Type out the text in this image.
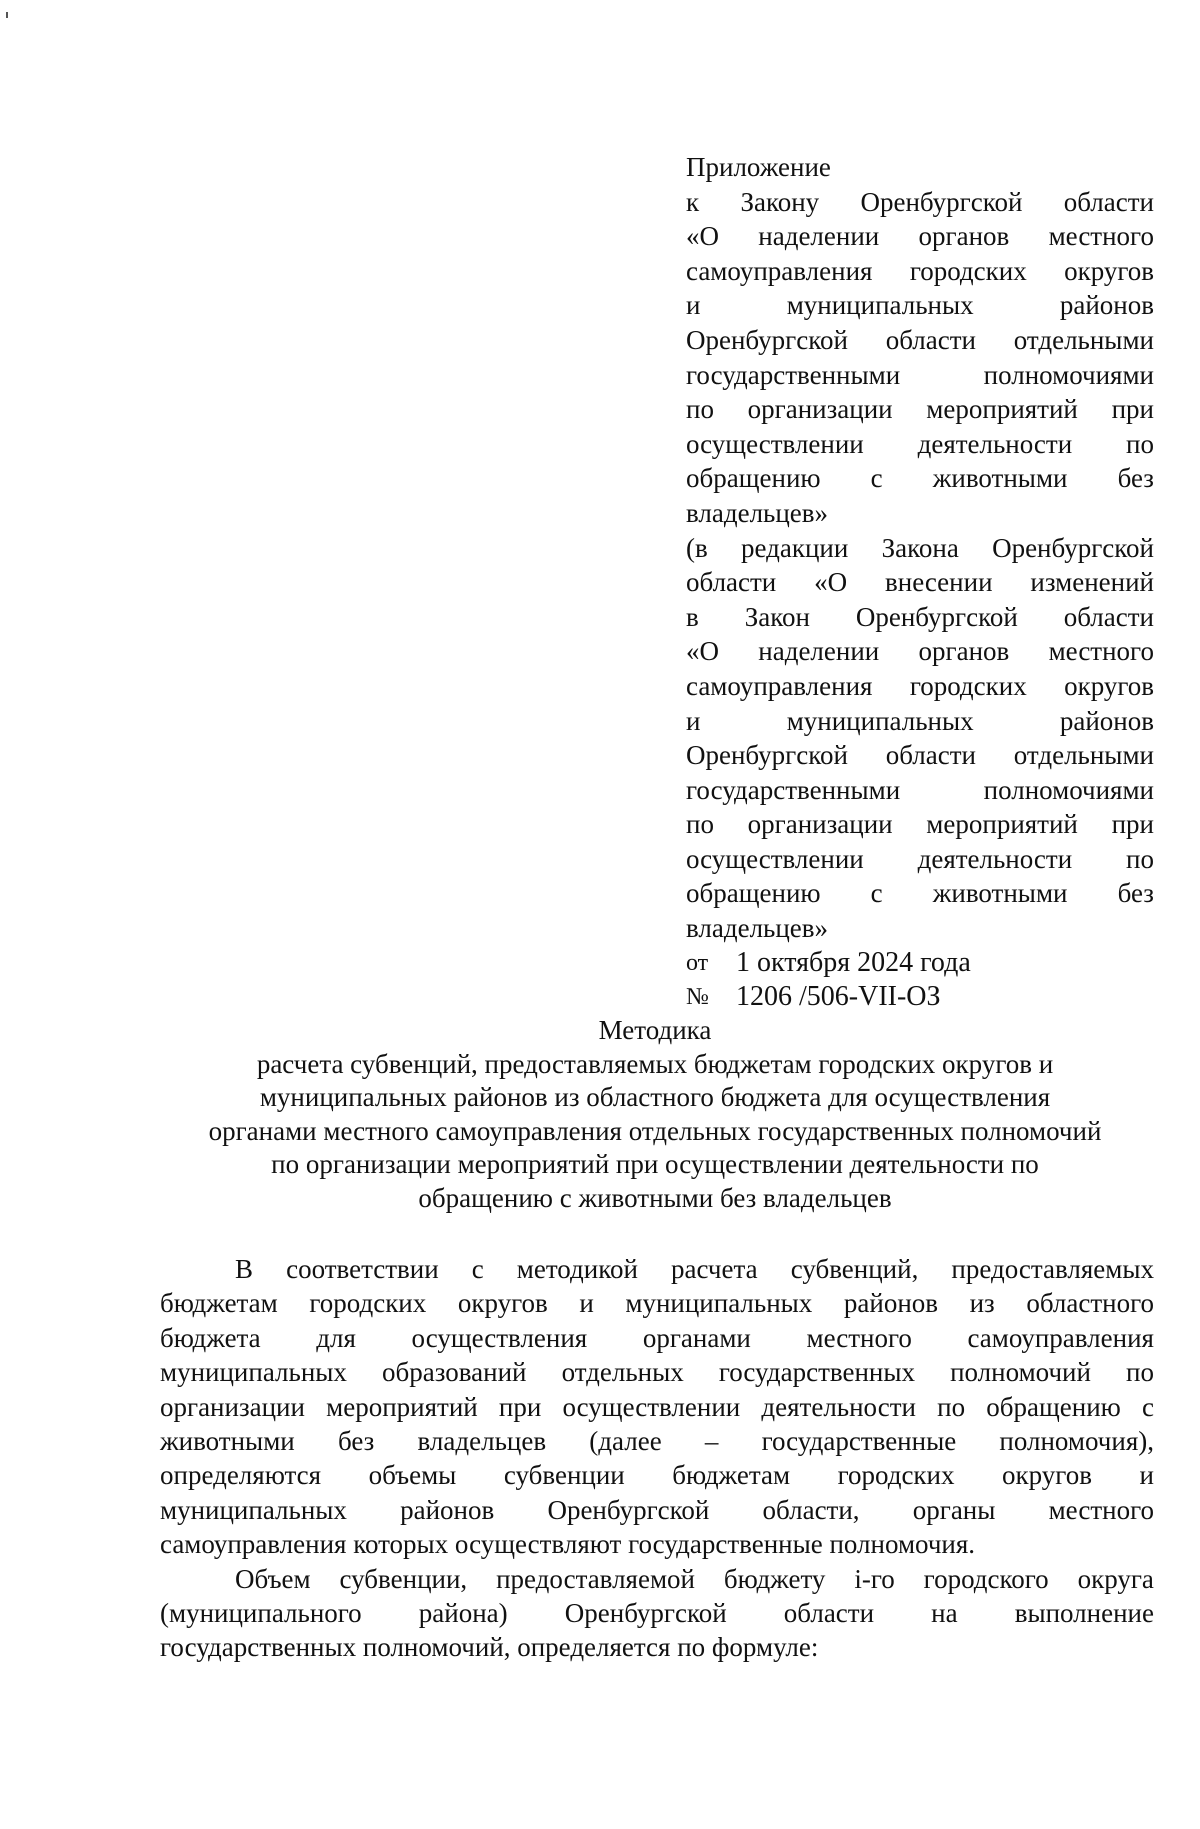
Приложение
к Закону Оренбургской области
«О наделении органов местного
самоуправления городских округов
и	муниципальных	районов
Оренбургской области отдельными
государственными	полномочиями
по организации мероприятий при
осуществлении деятельности по
обращению с животными без
владельцев»
(в редакции Закона Оренбургской
области «О внесении изменений
в Закон Оренбургской области
«О наделении органов местного
самоуправления городских округов
и	муниципальных	районов
Оренбургской области отдельными
государственными	полномочиями
по организации мероприятий при
осуществлении деятельности по
обращению с животными без
владельцев»
от 1 октября 2024 года
№ 1206 /506-VII-ОЗ
Методика
расчета субвенций, предоставляемых бюджетам городских округов и
муниципальных районов из областного бюджета для осуществления
органами местного самоуправления отдельных государственных полномочий
по организации мероприятий при осуществлении деятельности по
обращению с животными без владельцев
В соответствии с методикой расчета субвенций, предоставляемых
бюджетам городских округов и муниципальных районов из областного
бюджета для осуществления органами местного самоуправления
муниципальных образований отдельных государственных полномочий по
организации мероприятий при осуществлении деятельности по обращению с
животными без владельцев (далее – государственные полномочия),
определяются объемы субвенции бюджетам городских округов и
муниципальных районов Оренбургской области, органы местного
самоуправления которых осуществляют государственные полномочия.
Объем субвенции, предоставляемой бюджету i-го городского округа
(муниципального района) Оренбургской области на выполнение
государственных полномочий, определяется по формуле:
